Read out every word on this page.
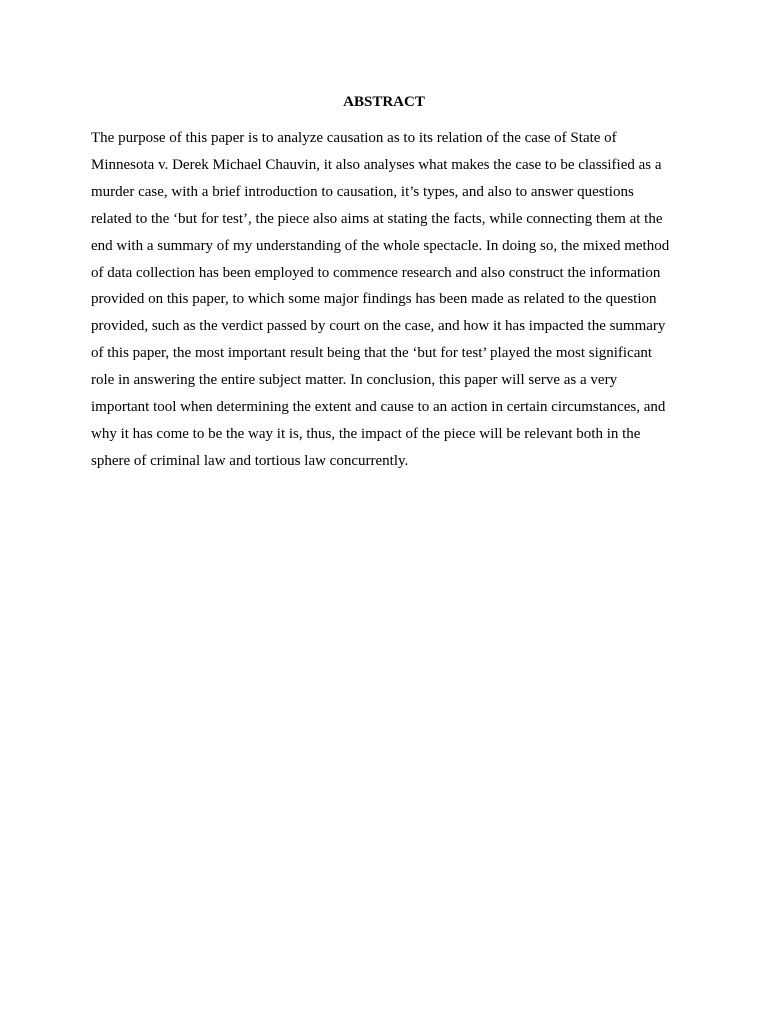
ABSTRACT

The purpose of this paper is to analyze causation as to its relation of the case of State of
Minnesota v. Derek Michael Chauvin, it also analyses what makes the case to be classified as a
murder case, with a brief introduction to causation, it’s types, and also to answer questions
related to the ‘but for test’, the piece also aims at stating the facts, while connecting them at the
end with a summary of my understanding of the whole spectacle. In doing so, the mixed method
of data collection has been employed to commence research and also construct the information
provided on this paper, to which some major findings has been made as related to the question
provided, such as the verdict passed by court on the case, and how it has impacted the summary
of this paper, the most important result being that the ‘but for test’ played the most significant
role in answering the entire subject matter. In conclusion, this paper will serve as a very
important tool when determining the extent and cause to an action in certain circumstances, and
why it has come to be the way it is, thus, the impact of the piece will be relevant both in the
sphere of criminal law and tortious law concurrently.
